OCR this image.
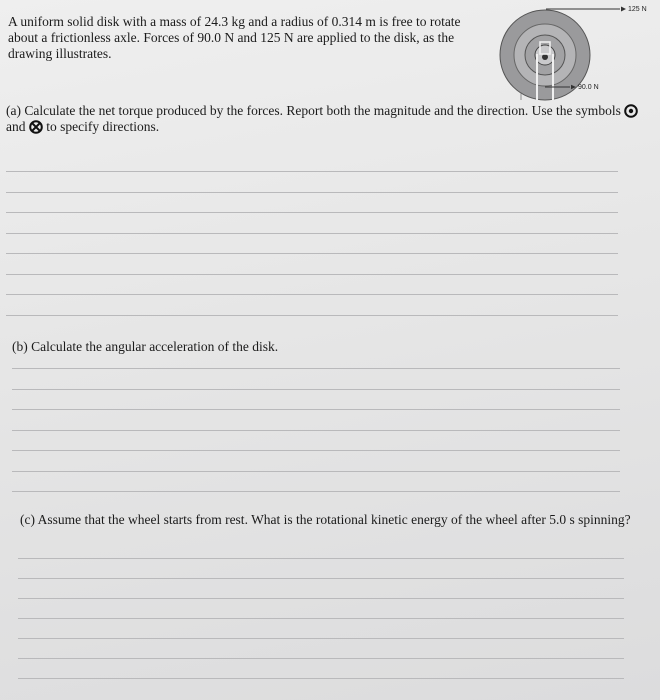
A uniform solid disk with a mass of 24.3 kg and a radius of 0.314 m is free to rotate about a frictionless axle. Forces of 90.0 N and 125 N are applied to the disk, as the drawing illustrates.
125 N
90.0 N
(a) Calculate the net torque produced by the forces. Report both the magnitude and the direction. Use the symbols  and to specify directions.
(b) Calculate the angular acceleration of the disk.
(c) Assume that the wheel starts from rest. What is the rotational kinetic energy of the wheel after 5.0 s spinning?
